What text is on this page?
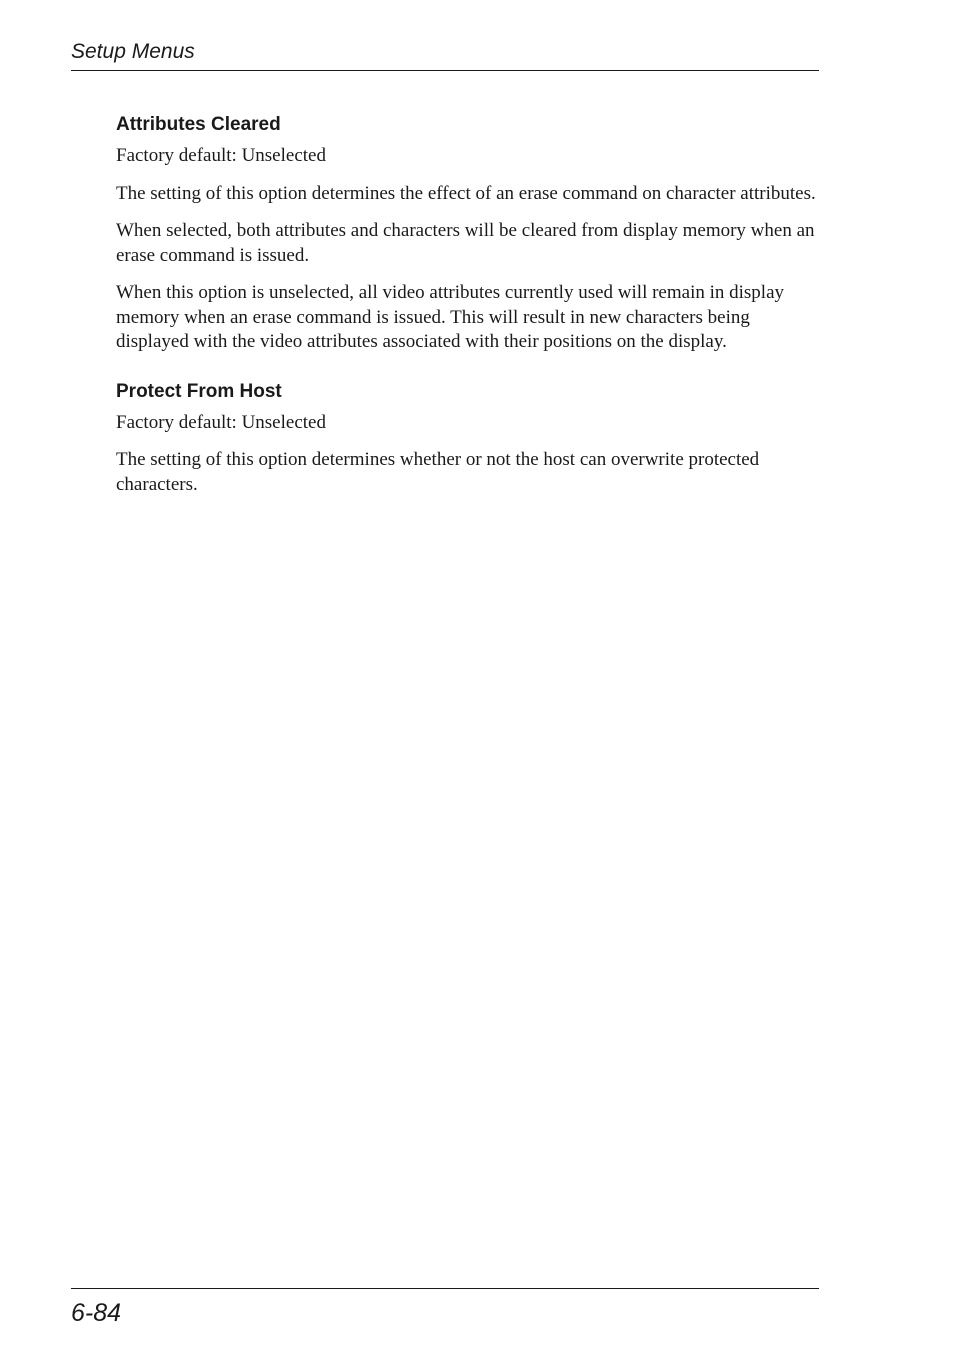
Setup Menus
Attributes Cleared

Factory default: Unselected

The setting of this option determines the effect of an erase command on character attributes.

When selected, both attributes and characters will be cleared from display memory when an erase command is issued.

When this option is unselected, all video attributes currently used will remain in display memory when an erase command is issued. This will result in new characters being displayed with the video attributes associated with their positions on the display.

Protect From Host

Factory default: Unselected

The setting of this option determines whether or not the host can overwrite protected characters.

6-84
